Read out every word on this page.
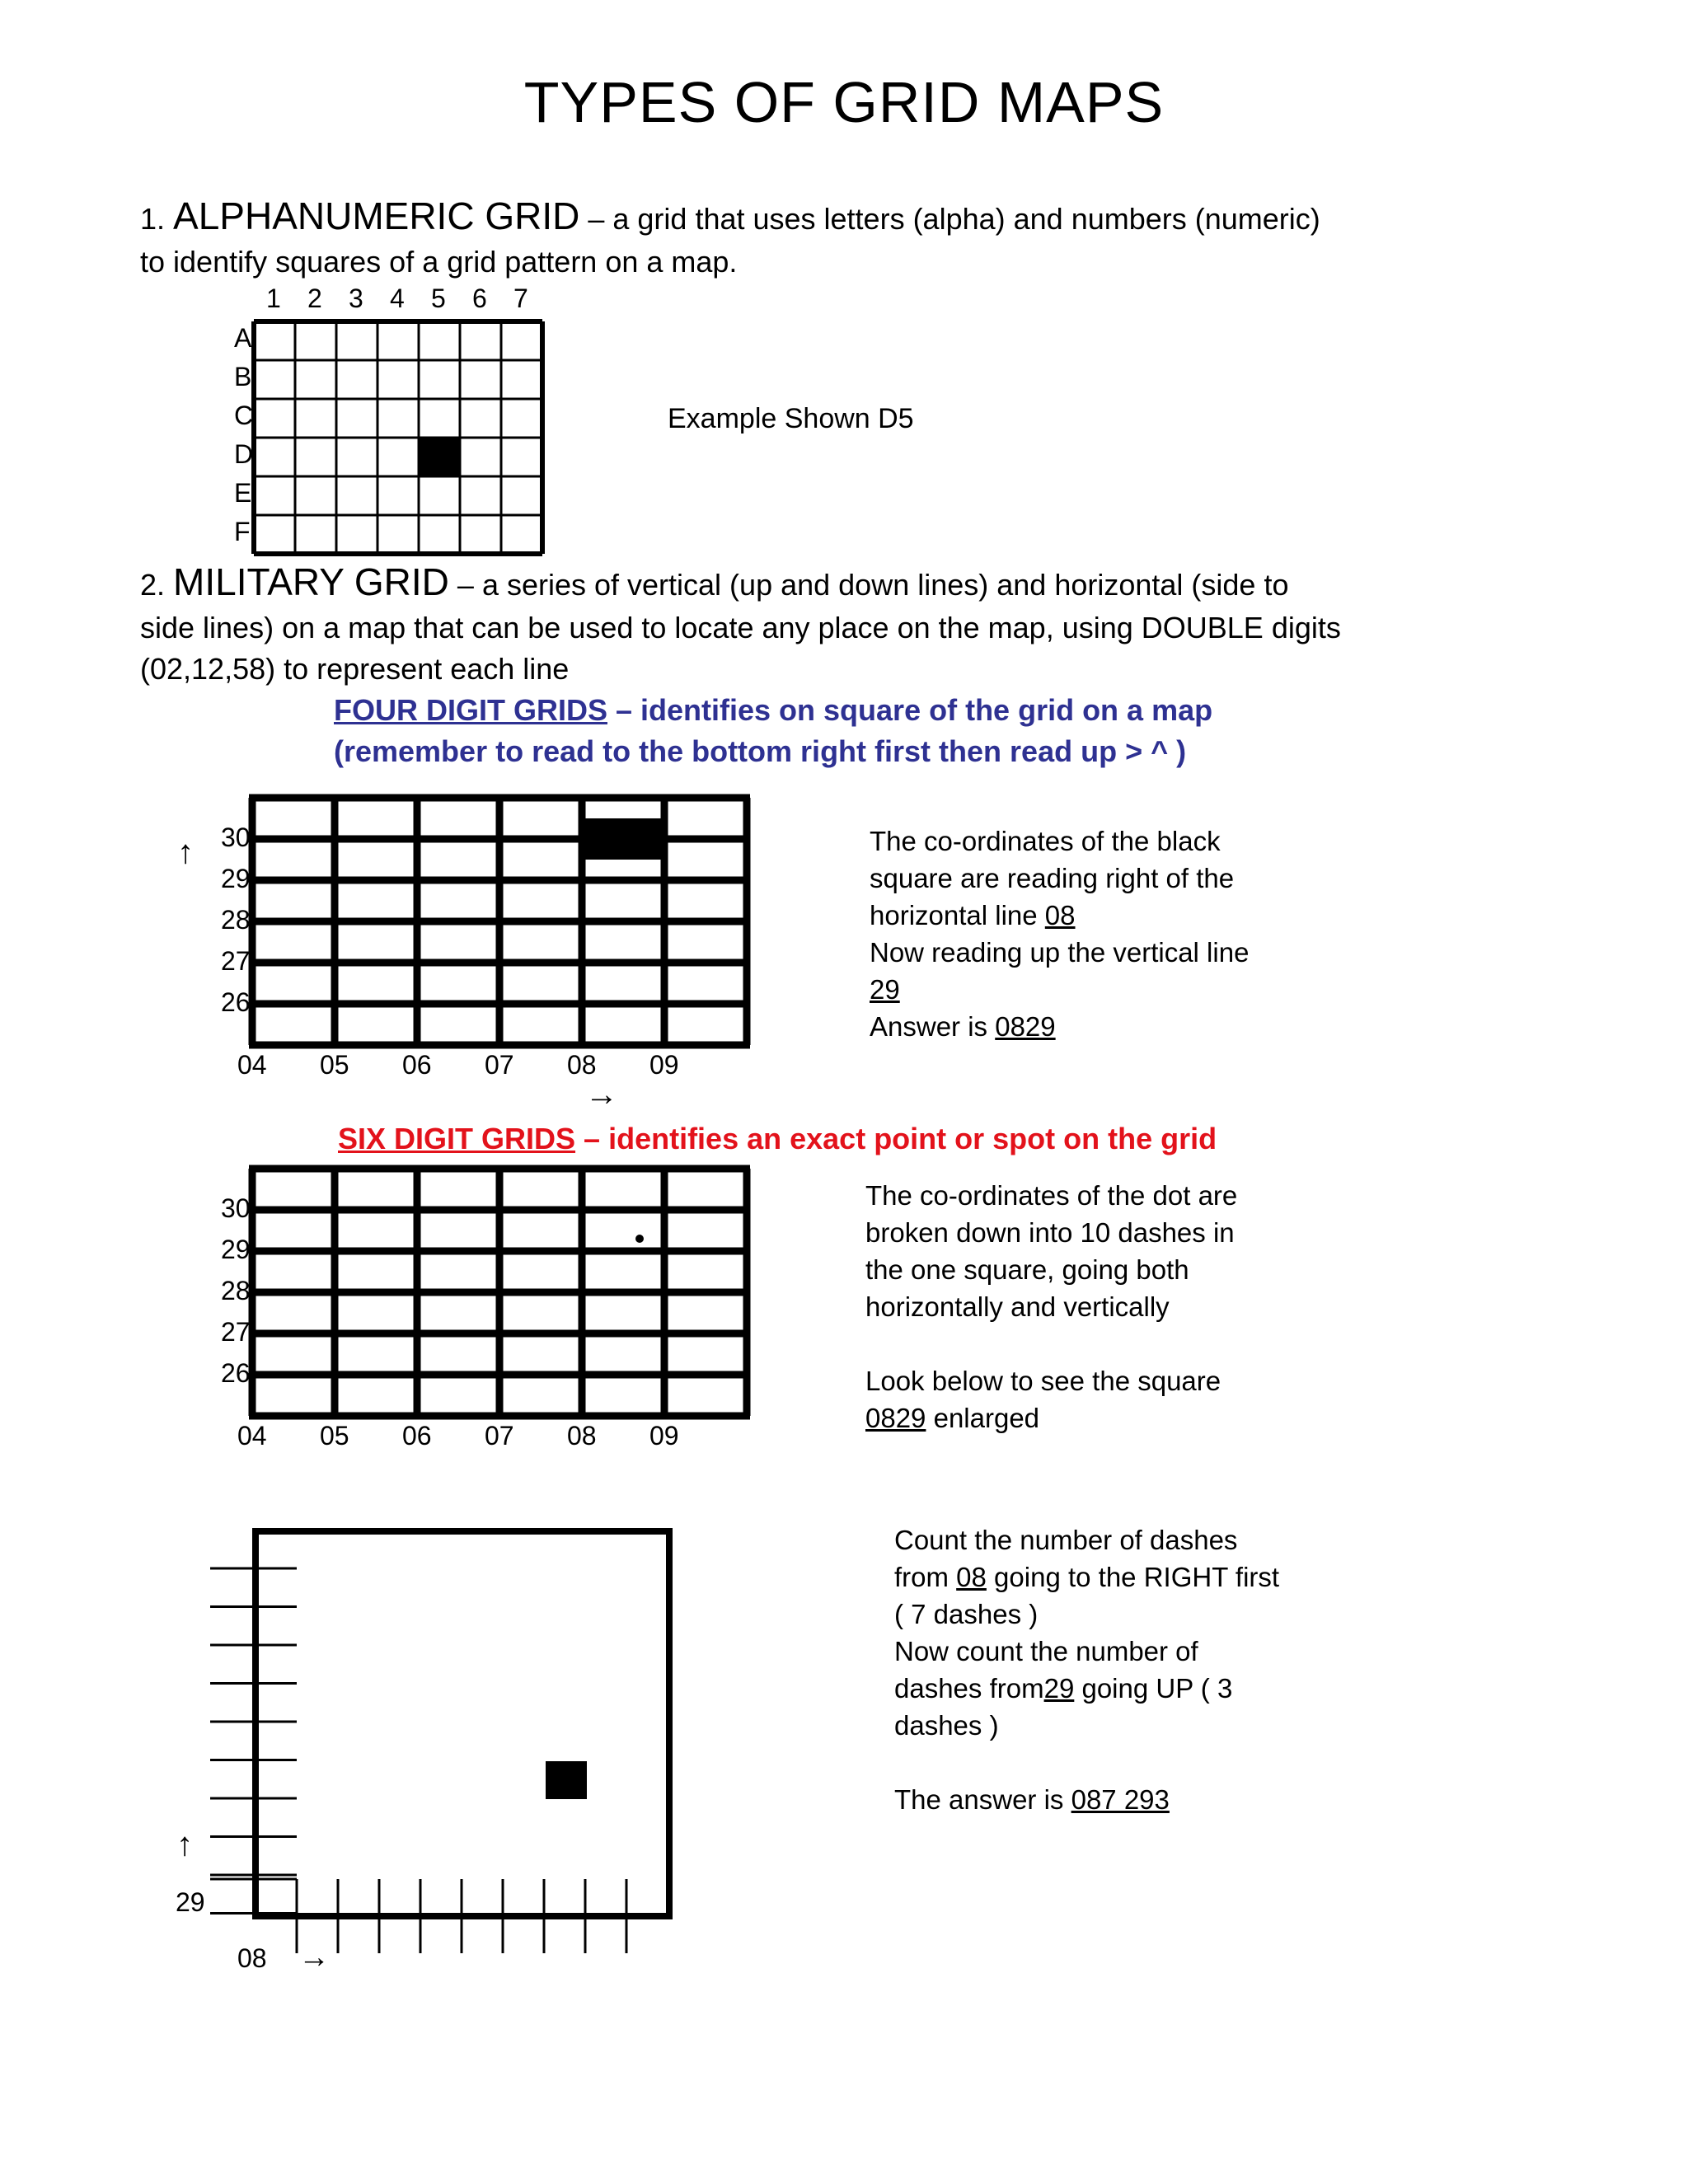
TYPES OF GRID MAPS
1. ALPHANUMERIC GRID – a grid that uses letters (alpha) and numbers (numeric)
to identify squares of a grid pattern on a map.
1 2 3 4 5 6 7
A
B
C
D
E
F
Example Shown D5
2. MILITARY GRID – a series of vertical (up and down lines) and horizontal (side to
side lines) on a map that can be used to locate any place on the map, using DOUBLE digits
(02,12,58) to represent each line
FOUR DIGIT GRIDS – identifies on square of the grid on a map
(remember to read to the bottom right first then read up > ^ )
30
29
28
27
26
04 05 06 07 08 09
↑
→
The co-ordinates of the black
square are reading right of the
horizontal line 08
Now reading up the vertical line
29
Answer is 0829
SIX DIGIT GRIDS – identifies an exact point or spot on the grid
30
29
28
27
26
04 05 06 07 08 09
The co-ordinates of the dot are
broken down into 10 dashes in
the one square, going both
horizontally and vertically
Look below to see the square
0829 enlarged
↑
29
08 →
Count the number of dashes
from 08 going to the RIGHT first
( 7 dashes )
Now count the number of
dashes from29 going UP ( 3
dashes )
The answer is 087 293
